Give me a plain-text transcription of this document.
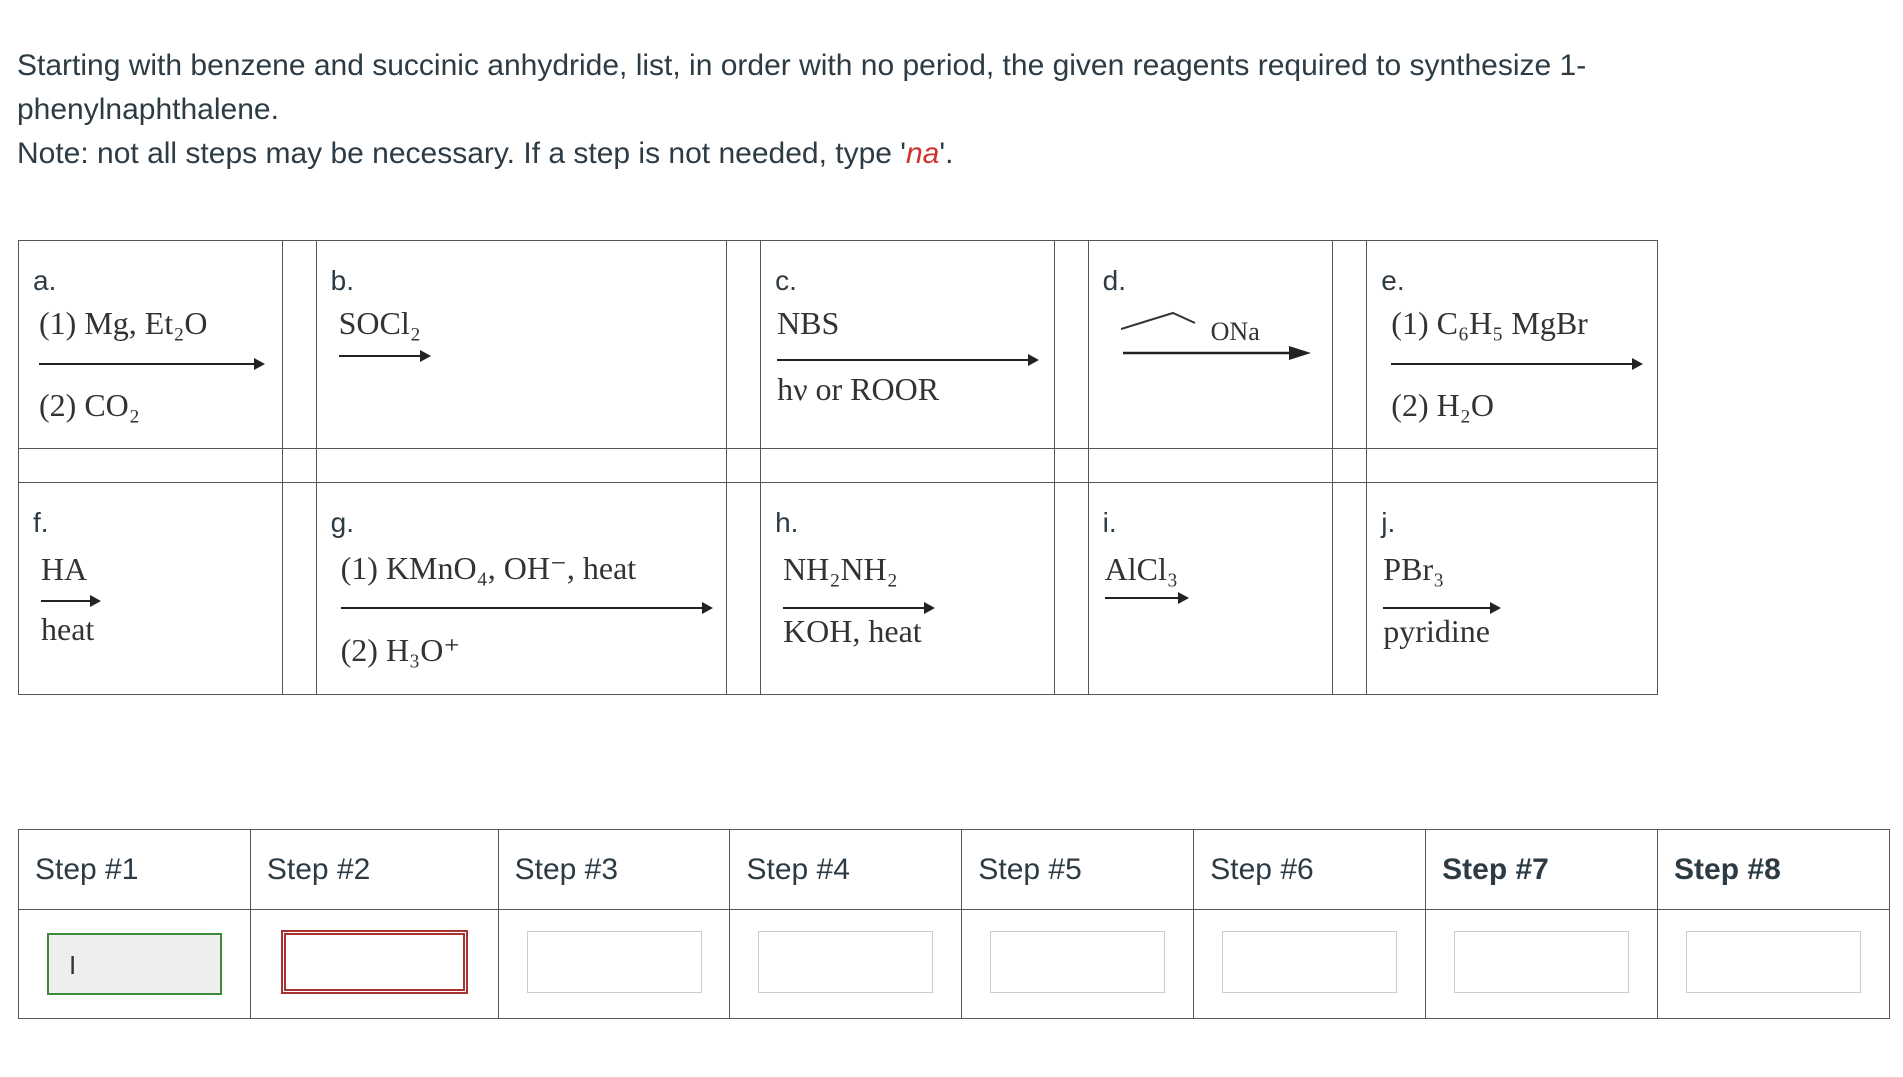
Starting with benzene and succinic anhydride, list, in order with no period, the given reagents required to synthesize 1-phenylnaphthalene.

Note: not all steps may be necessary. If a step is not needed, type 'na'.

a.
(1) Mg, Et₂O
(2) CO₂		b.
SOCl₂		c.
NBS
hν or ROOR		d.
ONa		e.
(1) C₆H₅ MgBr
(2) H₂O

f.
HA
heat		g.
(1) KMnO₄, OH⁻, heat
(2) H₃O⁺		h.
NH₂NH₂
KOH, heat		i.
AlCl₃		j.
PBr₃
pyridine
Step #1	Step #2	Step #3	Step #4	Step #5	Step #6	Step #7	Step #8
I							
